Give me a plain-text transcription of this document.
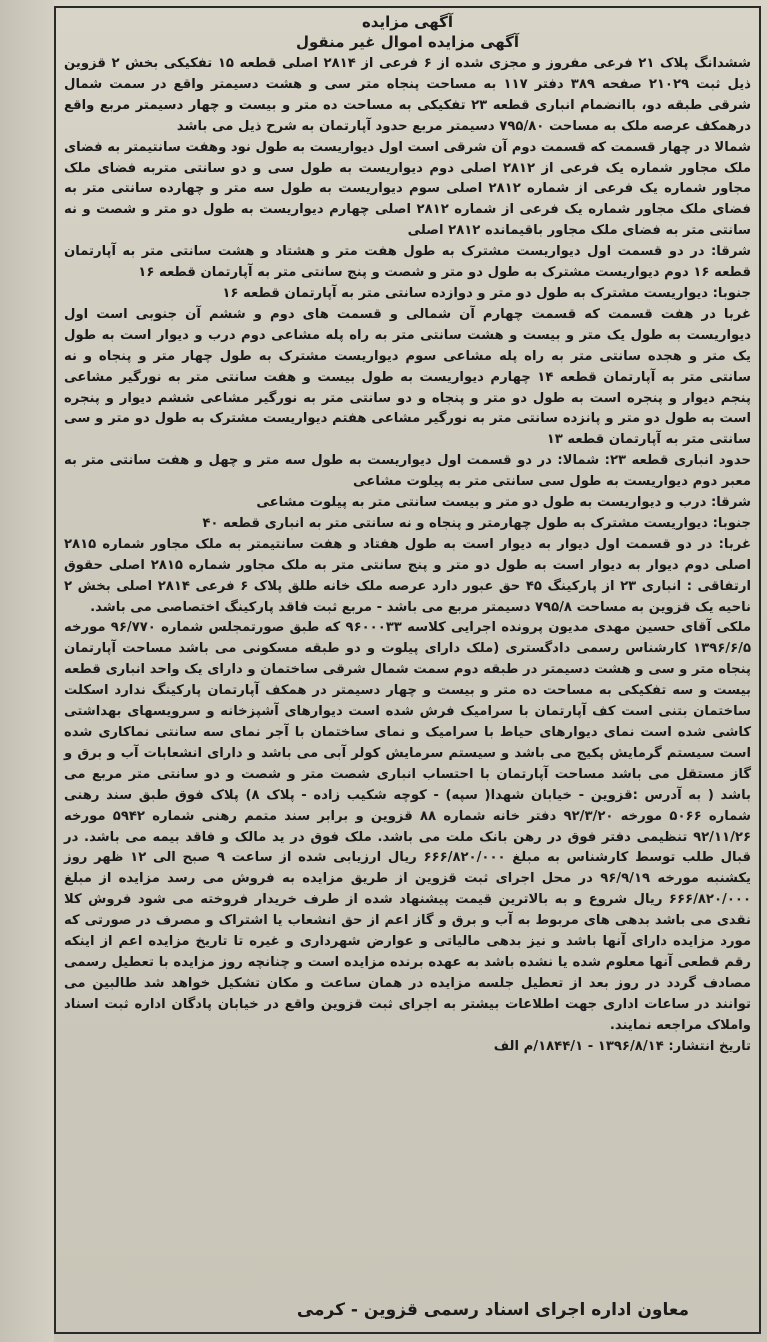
آگهی مزایده

آگهی مزایده اموال غیر منقول

ششدانگ پلاک ۲۱ فرعی مفروز و مجزی شده از ۶ فرعی از ۲۸۱۴ اصلی قطعه ۱۵ تفکیکی بخش ۲ قزوین ذیل ثبت ۲۱۰۲۹ صفحه ۳۸۹ دفتر ۱۱۷ به مساحت پنجاه متر سی و هشت دسیمتر واقع در سمت شمال شرقی طبقه دو، باانضمام انباری قطعه ۲۳ تفکیکی به مساحت ده متر و بیست و چهار دسیمتر مربع واقع درهمکف عرصه ملک به مساحت ۷۹۵/۸۰ دسیمتر مربع حدود آپارتمان به شرح ذیل می باشد

شمالا در چهار قسمت که قسمت دوم آن شرقی است اول دیواریست به طول نود وهفت سانتیمتر به فضای ملک مجاور شماره یک فرعی از ۲۸۱۲ اصلی دوم دیواریست به طول سی و دو سانتی متربه فضای ملک مجاور شماره یک فرعی از شماره ۲۸۱۲ اصلی سوم دیواریست به طول سه متر و چهارده سانتی متر به فضای ملک مجاور شماره یک فرعی از شماره ۲۸۱۲ اصلی چهارم دیواریست به طول دو متر و شصت و نه سانتی متر به فضای ملک مجاور باقیمانده ۲۸۱۲ اصلی

شرقا: در دو قسمت اول دیواریست مشترک به طول هفت متر و هشتاد و هشت سانتی متر به آپارتمان قطعه ۱۶ دوم دیواریست مشترک به طول دو متر و شصت و پنج سانتی متر به آپارتمان قطعه ۱۶

جنوبا: دیواریست مشترک به طول دو متر و دوازده سانتی متر به آپارتمان قطعه ۱۶

غربا در هفت قسمت که قسمت چهارم آن شمالی و قسمت های دوم و ششم آن جنوبی است اول دیواریست به طول یک متر و بیست و هشت سانتی متر به راه پله مشاعی دوم درب و دیوار است به طول یک متر و هجده سانتی متر به راه پله مشاعی سوم دیواریست مشترک به طول چهار متر و پنجاه و نه سانتی متر به آپارتمان قطعه ۱۴ چهارم دیواریست به طول بیست و هفت سانتی متر به نورگیر مشاعی پنجم دیوار و پنجره است به طول دو متر و پنجاه و دو سانتی متر به نورگیر مشاعی ششم دیوار و پنجره است به طول دو متر و پانزده سانتی متر به نورگیر مشاعی هفتم دیواریست مشترک به طول دو متر و سی سانتی متر به آپارتمان قطعه ۱۳

حدود انباری قطعه ۲۳: شمالا: در دو قسمت اول دیواریست به طول سه متر و چهل و هفت سانتی متر به معبر دوم دیواریست به طول سی سانتی متر به پیلوت مشاعی

شرقا: درب و دیواریست به طول دو متر و بیست سانتی متر به پیلوت مشاعی

جنوبا: دیواریست مشترک به طول چهارمتر و پنجاه و نه سانتی متر به انباری قطعه ۴۰

غربا: در دو قسمت اول دیوار به دیوار است به طول هفتاد و هفت سانتیمتر به ملک مجاور شماره ۲۸۱۵ اصلی دوم دیوار به دیوار است به طول دو متر و پنج سانتی متر به ملک مجاور شماره ۲۸۱۵ اصلی حقوق ارتفاقی : انباری ۲۳ از پارکینگ ۴۵ حق عبور دارد عرصه ملک خانه طلق پلاک ۶ فرعی ۲۸۱۴ اصلی بخش ۲ ناحیه یک قزوین به مساحت ۷۹۵/۸ دسیمتر مربع می باشد - مربع ثبت فاقد پارکینگ اختصاصی می باشد.

ملکی آقای حسین مهدی مدیون پرونده اجرایی کلاسه ۹۶۰۰۰۳۳ که طبق صورتمجلس شماره ۹۶/۷۷۰ مورخه ۱۳۹۶/۶/۵ کارشناس رسمی دادگستری (ملک دارای پیلوت و دو طبقه مسکونی می باشد مساحت آپارتمان پنجاه متر و سی و هشت دسیمتر در طبقه دوم سمت شمال شرقی ساختمان و دارای یک واحد انباری قطعه بیست و سه تفکیکی به مساحت ده متر و بیست و چهار دسیمتر در همکف آپارتمان پارکینگ ندارد اسکلت ساختمان بتنی است کف آپارتمان با سرامیک فرش شده است دیوارهای آشپزخانه و سرویسهای بهداشتی کاشی شده است نمای دیوارهای حیاط با سرامیک و نمای ساختمان با آجر نمای سه سانتی نماکاری شده است سیستم گرمایش پکیج می باشد و سیستم سرمایش کولر آبی می باشد و دارای انشعابات آب و برق و گاز مستقل می باشد مساحت آپارتمان با احتساب انباری شصت متر و شصت و دو سانتی متر مربع می باشد ( به آدرس :قزوین - خیابان شهدا( سپه) - کوچه شکیب زاده - پلاک ۸) پلاک فوق طبق سند رهنی شماره ۵۰۶۶ مورخه ۹۲/۳/۲۰ دفتر خانه شماره ۸۸ قزوین و برابر سند متمم رهنی شماره ۵۹۴۲ مورخه ۹۲/۱۱/۲۶ تنظیمی دفتر فوق در رهن بانک ملت می باشد. ملک فوق در ید مالک و فاقد بیمه می باشد. در قبال طلب توسط کارشناس به مبلغ ۶۶۶/۸۲۰/۰۰۰ ریال ارزیابی شده از ساعت ۹ صبح الی ۱۲ ظهر روز یکشنبه مورخه ۹۶/۹/۱۹ در محل اجرای ثبت قزوین از طریق مزایده به فروش می رسد مزایده از مبلغ ۶۶۶/۸۲۰/۰۰۰ ریال شروع و به بالاترین قیمت پیشنهاد شده از طرف خریدار فروخته می شود فروش کلا نقدی می باشد بدهی های مربوط به آب و برق و گاز اعم از حق انشعاب یا اشتراک و مصرف در صورتی که مورد مزایده دارای آنها باشد و نیز بدهی مالیاتی و عوارض شهرداری و غیره تا تاریخ مزایده اعم از اینکه رقم قطعی آنها معلوم شده یا نشده باشد به عهده برنده مزایده است و چنانچه روز مزایده با تعطیل رسمی مصادف گردد در روز بعد از تعطیل جلسه مزایده در همان ساعت و مکان تشکیل خواهد شد طالبین می توانند در ساعات اداری جهت اطلاعات بیشتر به اجرای ثبت قزوین واقع در خیابان پادگان اداره ثبت اسناد واملاک مراجعه نمایند.

تاریخ انتشار: ۱۳۹۶/۸/۱۴ - ۱۸۴۴/۱/م الف

معاون اداره اجرای اسناد رسمی قزوین - کرمی
